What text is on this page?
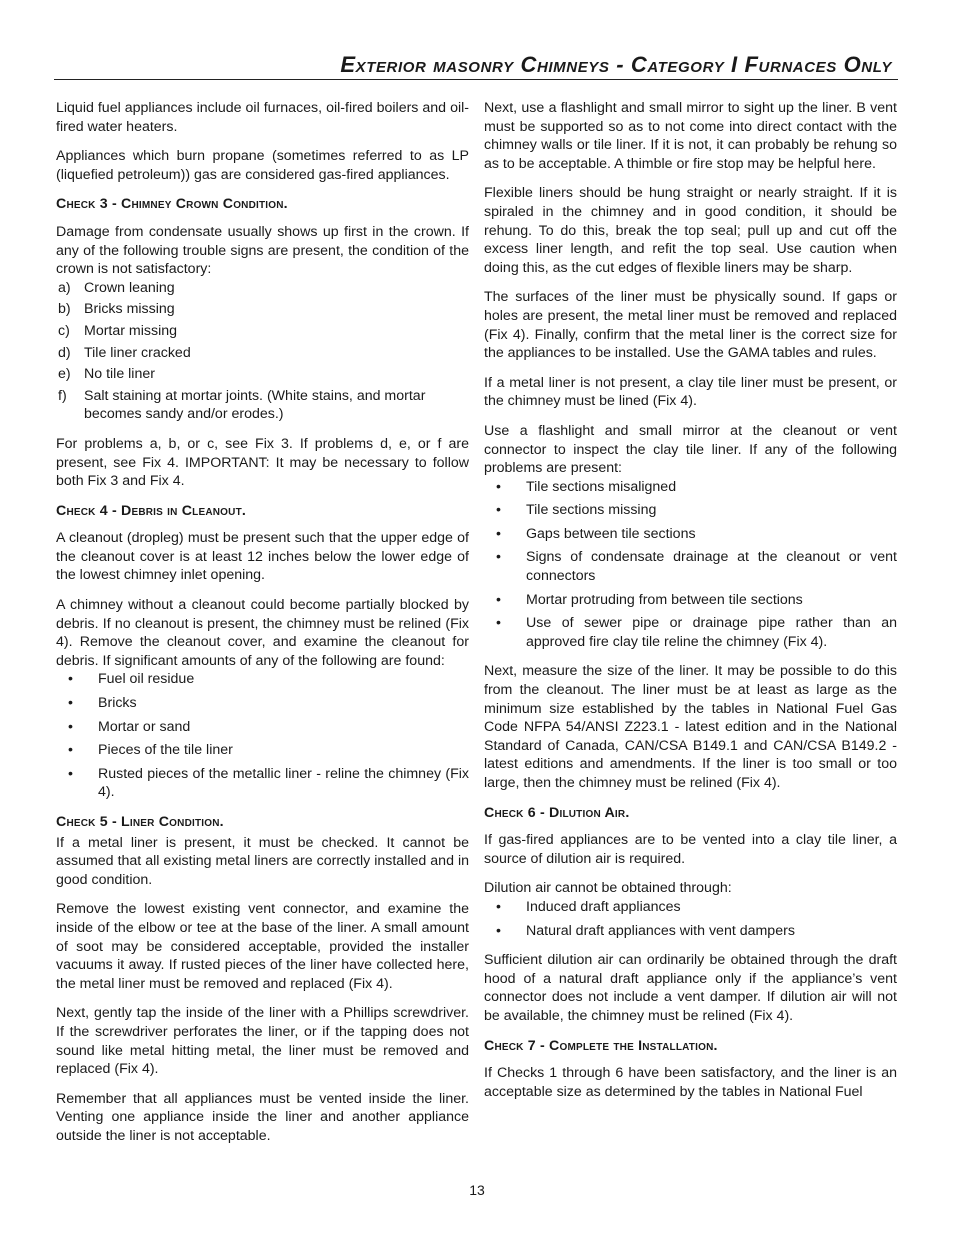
Exterior masonry Chimneys - Category I Furnaces Only

Liquid fuel appliances include oil furnaces, oil-fired boilers and oil-fired water heaters.

Appliances which burn propane (sometimes referred to as LP (liquefied petroleum)) gas are considered gas-fired appliances.

Check 3 - Chimney Crown Condition.

Damage from condensate usually shows up first in the crown. If any of the following trouble signs are present, the condition of the crown is not satisfactory:

a) Crown leaning
b) Bricks missing
c) Mortar missing
d) Tile liner cracked
e) No tile liner
f) Salt staining at mortar joints. (White stains, and mortar becomes sandy and/or erodes.)

For problems a, b, or c, see Fix 3. If problems d, e, or f are present, see Fix 4. IMPORTANT: It may be necessary to follow both Fix 3 and Fix 4.

Check 4 - Debris in Cleanout.

A cleanout (dropleg) must be present such that the upper edge of the cleanout cover is at least 12 inches below the lower edge of the lowest chimney inlet opening.

A chimney without a cleanout could become partially blocked by debris. If no cleanout is present, the chimney must be relined (Fix 4). Remove the cleanout cover, and examine the cleanout for debris. If significant amounts of any of the following are found:

• Fuel oil residue
• Bricks
• Mortar or sand
• Pieces of the tile liner
• Rusted pieces of the metallic liner - reline the chimney (Fix 4).
Check 5 - Liner Condition.

If a metal liner is present, it must be checked. It cannot be assumed that all existing metal liners are correctly installed and in good condition.

Remove the lowest existing vent connector, and examine the inside of the elbow or tee at the base of the liner. A small amount of soot may be considered acceptable, provided the installer vacuums it away. If rusted pieces of the liner have collected here, the metal liner must be removed and replaced (Fix 4).

Next, gently tap the inside of the liner with a Phillips screwdriver. If the screwdriver perforates the liner, or if the tapping does not sound like metal hitting metal, the liner must be removed and replaced (Fix 4).

Remember that all appliances must be vented inside the liner. Venting one appliance inside the liner and another appliance outside the liner is not acceptable.

Next, use a flashlight and small mirror to sight up the liner. B vent must be supported so as to not come into direct contact with the chimney walls or tile liner. If it is not, it can probably be rehung so as to be acceptable. A thimble or fire stop may be helpful here.

Flexible liners should be hung straight or nearly straight. If it is spiraled in the chimney and in good condition, it should be rehung. To do this, break the top seal; pull up and cut off the excess liner length, and refit the top seal. Use caution when doing this, as the cut edges of flexible liners may be sharp.

The surfaces of the liner must be physically sound. If gaps or holes are present, the metal liner must be removed and replaced (Fix 4). Finally, confirm that the metal liner is the correct size for the appliances to be installed. Use the GAMA tables and rules.

If a metal liner is not present, a clay tile liner must be present, or the chimney must be lined (Fix 4).

Use a flashlight and small mirror at the cleanout or vent connector to inspect the clay tile liner. If any of the following problems are present:

• Tile sections misaligned
• Tile sections missing
• Gaps between tile sections
• Signs of condensate drainage at the cleanout or vent connectors
• Mortar protruding from between tile sections
• Use of sewer pipe or drainage pipe rather than an approved fire clay tile reline the chimney (Fix 4).

Next, measure the size of the liner. It may be possible to do this from the cleanout. The liner must be at least as large as the minimum size established by the tables in National Fuel Gas Code NFPA 54/ANSI Z223.1 - latest edition and in the National Standard of Canada, CAN/CSA B149.1 and CAN/CSA B149.2 - latest editions and amendments. If the liner is too small or too large, then the chimney must be relined (Fix 4).

Check 6 - Dilution Air.

If gas-fired appliances are to be vented into a clay tile liner, a source of dilution air is required.

Dilution air cannot be obtained through:

• Induced draft appliances
• Natural draft appliances with vent dampers

Sufficient dilution air can ordinarily be obtained through the draft hood of a natural draft appliance only if the appliance’s vent connector does not include a vent damper. If dilution air will not be available, the chimney must be relined (Fix 4).

Check 7 - Complete the Installation.

If Checks 1 through 6 have been satisfactory, and the liner is an acceptable size as determined by the tables in National Fuel

13
